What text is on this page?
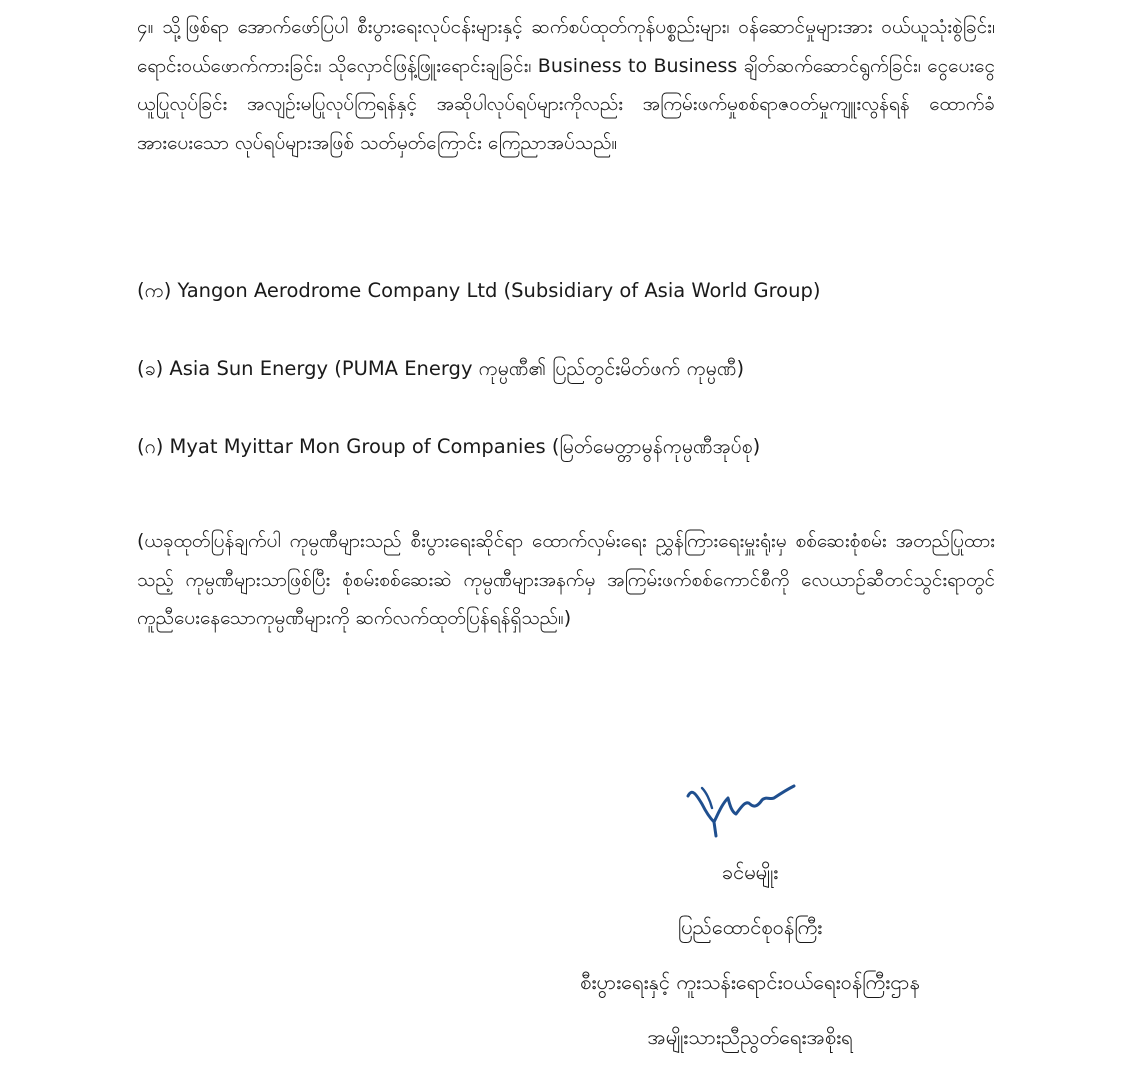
၄။ သို့ဖြစ်ရာ အောက်ဖော်ပြပါ စီးပွားရေးလုပ်ငန်းများနှင့် ဆက်စပ်ထုတ်ကုန်ပစ္စည်းများ၊ ဝန်ဆောင်မှုများအား ဝယ်ယူသုံးစွဲခြင်း၊ ရောင်းဝယ်ဖောက်ကားခြင်း၊ သိုလှောင်ဖြန့်ဖြူးရောင်းချခြင်း၊ Business to Business ချိတ်ဆက်ဆောင်ရွက်ခြင်း၊ ငွေပေးငွေယူပြုလုပ်ခြင်း အလျဉ်းမပြုလုပ်ကြရန်နှင့် အဆိုပါလုပ်ရပ်များကိုလည်း အကြမ်းဖက်မှုစစ်ရာဇဝတ်မှုကျူးလွန်ရန် ထောက်ခံအားပေးသော လုပ်ရပ်များအဖြစ် သတ်မှတ်ကြောင်း ကြေညာအပ်သည်။

(က) Yangon Aerodrome Company Ltd (Subsidiary of Asia World Group)

(ခ) Asia Sun Energy (PUMA Energy ကုမ္ပဏီ၏ ပြည်တွင်းမိတ်ဖက် ကုမ္ပဏီ)

(ဂ) Myat Myittar Mon Group of Companies (မြတ်မေတ္တာမွန်ကုမ္ပဏီအုပ်စု)

(ယခုထုတ်ပြန်ချက်ပါ ကုမ္ပဏီများသည် စီးပွားရေးဆိုင်ရာ ထောက်လှမ်းရေး ညွှန်ကြားရေးမှူးရုံးမှ စစ်ဆေးစုံစမ်း အတည်ပြုထားသည့် ကုမ္ပဏီများသာဖြစ်ပြီး စုံစမ်းစစ်ဆေးဆဲ ကုမ္ပဏီများအနက်မှ အကြမ်းဖက်စစ်ကောင်စီကို လေယာဉ်ဆီတင်သွင်းရာတွင် ကူညီပေးနေသောကုမ္ပဏီများကို ဆက်လက်ထုတ်ပြန်ရန်ရှိသည်။)

ခင်မမျိုး

ပြည်ထောင်စုဝန်ကြီး

စီးပွားရေးနှင့် ကူးသန်းရောင်းဝယ်ရေးဝန်ကြီးဌာန

အမျိုးသားညီညွတ်ရေးအစိုးရ
